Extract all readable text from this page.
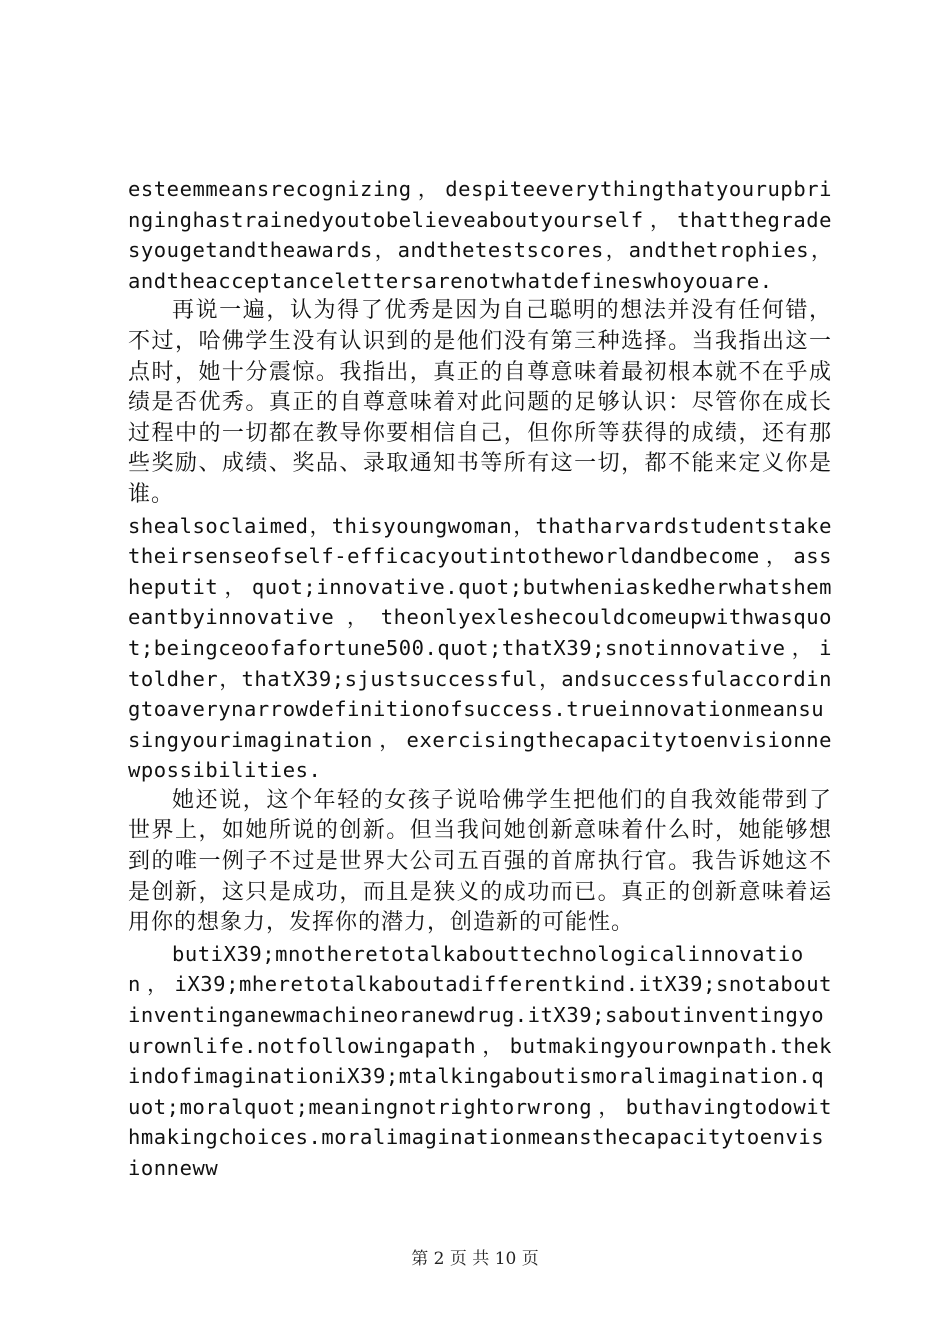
esteemmeansrecognizing，despiteeverythingthatyourupbringinghastrainedyoutobelieveaboutyourself，thatthegradesyougetandtheawards，andthetestscores，andthetrophies，andtheacceptancelettersarenotwhatdefineswhoyouare.

再说一遍，认为得了优秀是因为自己聪明的想法并没有任何错，不过，哈佛学生没有认识到的是他们没有第三种选择。当我指出这一点时，她十分震惊。我指出，真正的自尊意味着最初根本就不在乎成绩是否优秀。真正的自尊意味着对此问题的足够认识：尽管你在成长过程中的一切都在教导你要相信自己，但你所等获得的成绩，还有那些奖励、成绩、奖品、录取通知书等所有这一切，都不能来定义你是谁。

shealsoclaimed，thisyoungwoman，thatharvardstudentstaketheirsenseofself-efficacyoutintotheworldandbecome，assheputit，quot;innovative.quot;butwheniaskedherwhatshemeantbyinnovative，theonlyexleshecouldcomeupwithwasquot;beingceoofafortune500.quot;thatX39;snotinnovative，itoldher，thatX39;sjustsuccessful，andsuccessfulaccordingtoaverynarrowdefinitionofsuccess.trueinnovationmeansusingyourimagination，exercisingthecapacitytoenvisionnewpossibilities.

她还说，这个年轻的女孩子说哈佛学生把他们的自我效能带到了世界上，如她所说的创新。但当我问她创新意味着什么时，她能够想到的唯一例子不过是世界大公司五百强的首席执行官。我告诉她这不是创新，这只是成功，而且是狭义的成功而已。真正的创新意味着运用你的想象力，发挥你的潜力，创造新的可能性。

butiX39;mnotheretotalkabouttechnologicalinnovation，iX39;mheretotalkaboutadifferentkind.itX39;snotaboutinventinganewmachineoranewdrug.itX39;saboutinventingyourownlife.notfollowingapath，butmakingyourownpath.thekindofimaginationiX39;mtalkingaboutismoralimagination.quot;moralquot;meaningnotrightorwrong，buthavingtodowithmakingchoices.moralimaginationmeansthecapacitytoenvisionneww

第 2 页 共 10 页
